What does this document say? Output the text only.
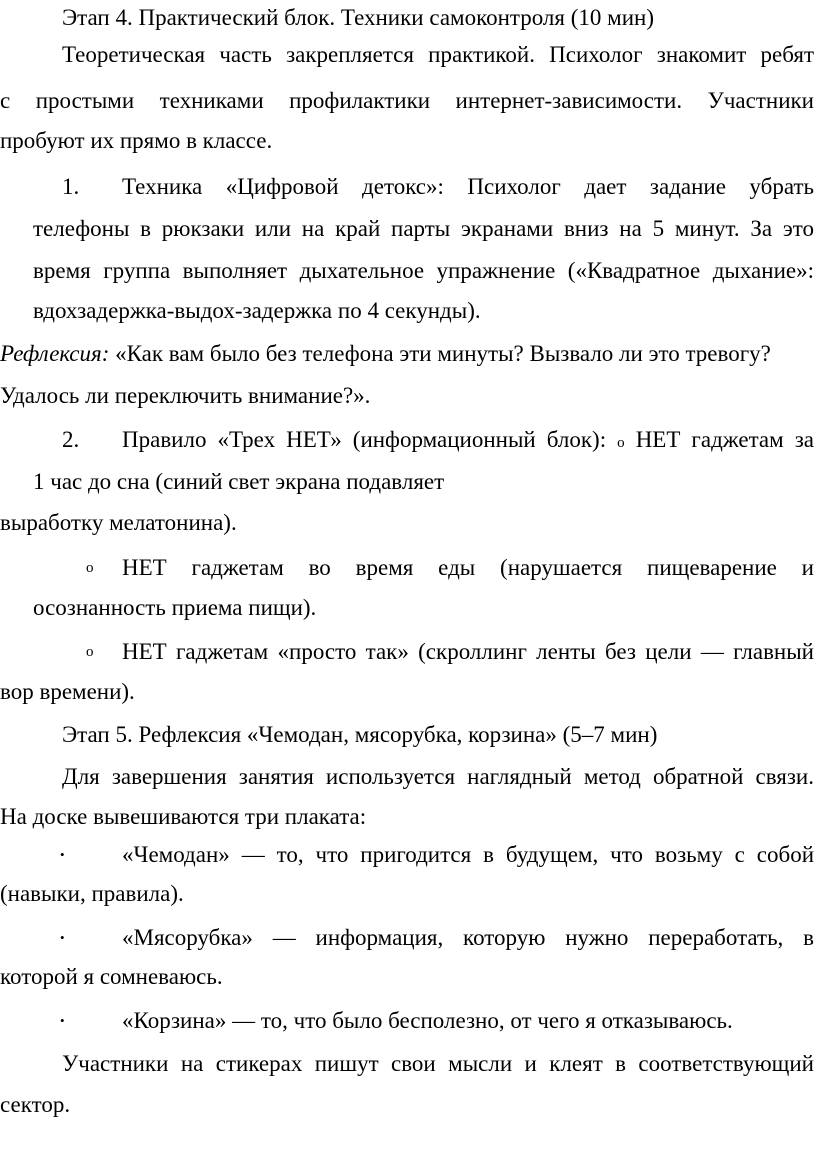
Этап 4. Практический блок. Техники самоконтроля (10 мин)
Теоретическая часть закрепляется практикой. Психолог знакомит ребят
с простыми техниками профилактики интернет-зависимости. Участники
пробуют их прямо в классе.
1. Техника «Цифровой детокс»: Психолог дает задание убрать
телефоны в рюкзаки или на край парты экранами вниз на 5 минут. За это
время группа выполняет дыхательное упражнение («Квадратное дыхание»:
вдохзадержка-выдох-задержка по 4 секунды).
Рефлексия: «Как вам было без телефона эти минуты? Вызвало ли это тревогу?
Удалось ли переключить внимание?».
2. Правило «Трех НЕТ» (информационный блок): o НЕТ гаджетам за
1 час до сна (синий свет экрана подавляет
выработку мелатонина).
o НЕТ гаджетам во время еды (нарушается пищеварение и
осознанность приема пищи).
o НЕТ гаджетам «просто так» (скроллинг ленты без цели — главный
вор времени).
Этап 5. Рефлексия «Чемодан, мясорубка, корзина» (5–7 мин)
Для завершения занятия используется наглядный метод обратной связи.
На доске вывешиваются три плаката:
• «Чемодан» — то, что пригодится в будущем, что возьму с собой
(навыки, правила).
• «Мясорубка» — информация, которую нужно переработать, в
которой я сомневаюсь.
• «Корзина» — то, что было бесполезно, от чего я отказываюсь.
Участники на стикерах пишут свои мысли и клеят в соответствующий
сектор.
